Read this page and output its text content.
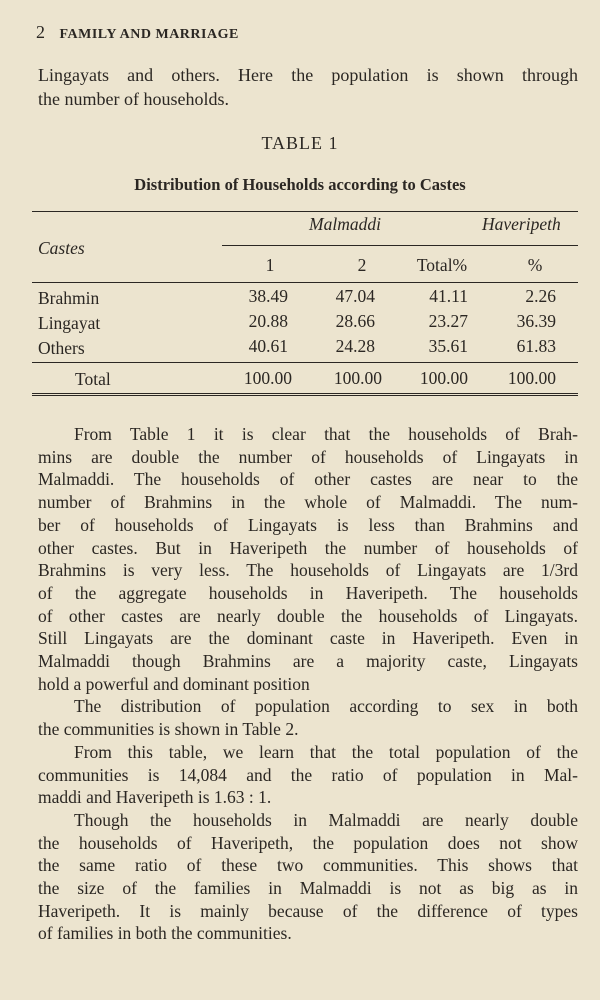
2 FAMILY AND MARRIAGE
Lingayats and others. Here the population is shown through
the number of households.
TABLE 1
Distribution of Households according to Castes
Castes
Malmaddi	Haveripeth
1	2	Total%	%
Brahmin	38.49	47.04	41.11	2.26
Lingayat	20.88	28.66	23.27	36.39
Others	40.61	24.28	35.61	61.83
Total	100.00	100.00	100.00	100.00
From Table 1 it is clear that the households of Brah-
mins are double the number of households of Lingayats in
Malmaddi. The households of other castes are near to the
number of Brahmins in the whole of Malmaddi. The num-
ber of households of Lingayats is less than Brahmins and
other castes. But in Haveripeth the number of households of
Brahmins is very less. The households of Lingayats are 1/3rd
of the aggregate households in Haveripeth. The households
of other castes are nearly double the households of Lingayats.
Still Lingayats are the dominant caste in Haveripeth. Even in
Malmaddi though Brahmins are a majority caste, Lingayats
hold a powerful and dominant position
The distribution of population according to sex in both
the communities is shown in Table 2.
From this table, we learn that the total population of the
communities is 14,084 and the ratio of population in Mal-
maddi and Haveripeth is 1.63 : 1.
Though the households in Malmaddi are nearly double
the households of Haveripeth, the population does not show
the same ratio of these two communities. This shows that
the size of the families in Malmaddi is not as big as in
Haveripeth. It is mainly because of the difference of types
of families in both the communities.
